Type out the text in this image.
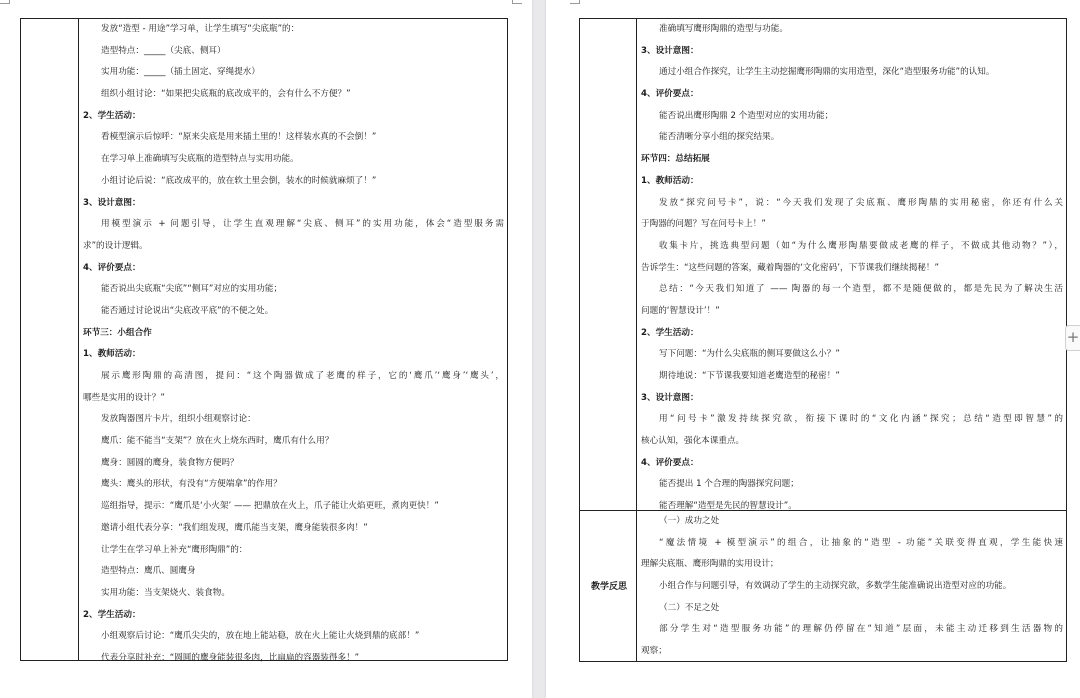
发放“造型 - 用途”学习单，让学生填写“尖底瓶”的：
造型特点：_____（尖底、侧耳）
实用功能：_____（插土固定、穿绳提水）
组织小组讨论：“如果把尖底瓶的底改成平的，会有什么不方便？”
2、学生活动：
看模型演示后惊呼：“原来尖底是用来插土里的！这样装水真的不会倒！”
在学习单上准确填写尖底瓶的造型特点与实用功能。
小组讨论后说：“底改成平的，放在软土里会倒，装水的时候就麻烦了！”
3、设计意图：
用模型演示 + 问题引导，让学生直观理解“尖底、侧耳”的实用功能，体会“造型服务需
求”的设计逻辑。
4、评价要点：
能否说出尖底瓶“尖底”“侧耳”对应的实用功能；
能否通过讨论说出“尖底改平底”的不便之处。
环节三：小组合作
1、教师活动：
展示鹰形陶鼎的高清图，提问：“这个陶器做成了老鹰的样子，它的‘鹰爪’‘鹰身’‘鹰头’，
哪些是实用的设计？”
发放陶器图片卡片，组织小组观察讨论：
鹰爪：能不能当“支架”？放在火上烧东西时，鹰爪有什么用？
鹰身：圆圆的鹰身，装食物方便吗？
鹰头：鹰头的形状，有没有“方便端拿”的作用？
巡组指导，提示：“鹰爪是‘小火架’ —— 把鼎放在火上，爪子能让火焰更旺，煮肉更快！”
邀请小组代表分享：“我们组发现，鹰爪能当支架，鹰身能装很多肉！”
让学生在学习单上补充“鹰形陶鼎”的：
造型特点：鹰爪、圆鹰身
实用功能：当支架烧火、装食物。
2、学生活动：
小组观察后讨论：“鹰爪尖尖的，放在地上能站稳，放在火上能让火烧到鼎的底部！”
代表分享时补充：“圆圆的鹰身能装很多肉，比扁扁的容器装得多！”
准确填写鹰形陶鼎的造型与功能。
3、设计意图：
通过小组合作探究，让学生主动挖掘鹰形陶鼎的实用造型，深化“造型服务功能”的认知。
4、评价要点：
能否说出鹰形陶鼎 2 个造型对应的实用功能；
能否清晰分享小组的探究结果。
环节四：总结拓展
1、教师活动：
发放“探究问号卡”，说：“今天我们发现了尖底瓶、鹰形陶鼎的实用秘密，你还有什么关
于陶器的问题？写在问号卡上！”
收集卡片，挑选典型问题（如“为什么鹰形陶鼎要做成老鹰的样子，不做成其他动物？”），
告诉学生：“这些问题的答案，藏着陶器的‘文化密码’，下节课我们继续揭秘！”
总结：“今天我们知道了 —— 陶器的每一个造型，都不是随便做的，都是先民为了解决生活
问题的‘智慧设计’！”
2、学生活动：
写下问题：“为什么尖底瓶的侧耳要做这么小？”
期待地说：“下节课我要知道老鹰造型的秘密！”
3、设计意图：
用“问号卡”激发持续探究欲，衔接下课时的“文化内涵”探究；总结“造型即智慧”的
核心认知，强化本课重点。
4、评价要点：
能否提出 1 个合理的陶器探究问题；
能否理解“造型是先民的智慧设计”。
（一）成功之处
“魔法情境 + 模型演示”的组合，让抽象的“造型 - 功能”关联变得直观，学生能快速
理解尖底瓶、鹰形陶鼎的实用设计；
小组合作与问题引导，有效调动了学生的主动探究欲，多数学生能准确说出造型对应的功能。
（二）不足之处
部分学生对“造型服务功能”的理解仍停留在“知道”层面，未能主动迁移到生活器物的
观察；
教学反思
+
